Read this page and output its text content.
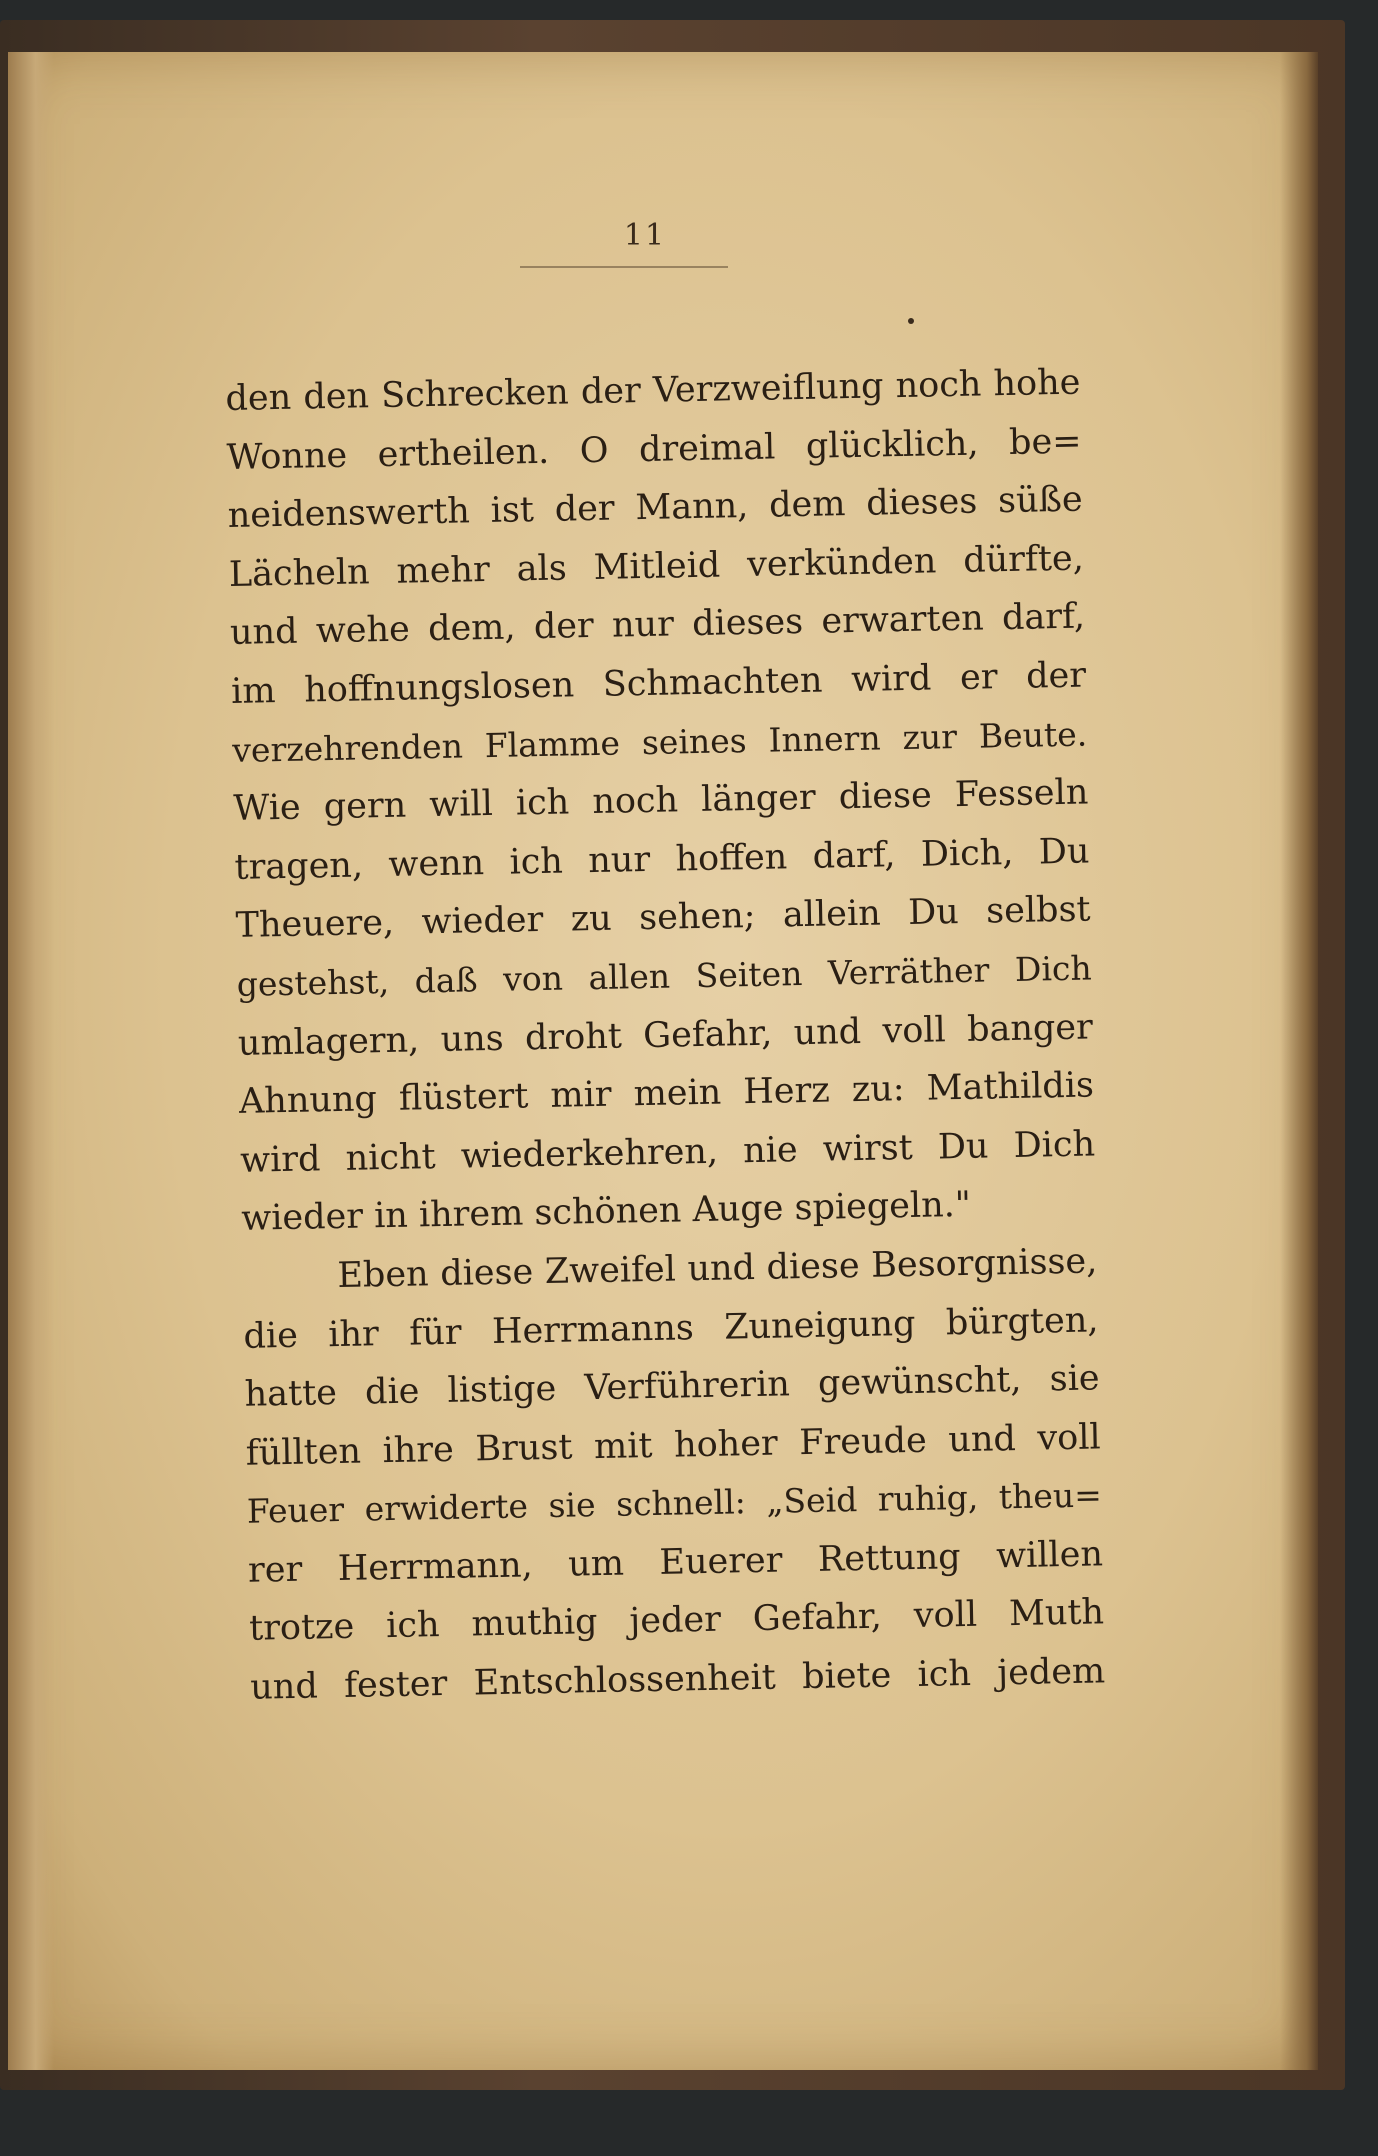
11
den den Schrecken der Verzweiflung noch hohe
Wonne ertheilen. O dreimal glücklich, be=
neidenswerth ist der Mann, dem dieses süße
Lächeln mehr als Mitleid verkünden dürfte,
und wehe dem, der nur dieses erwarten darf,
im hoffnungslosen Schmachten wird er der
verzehrenden Flamme seines Innern zur Beute.
Wie gern will ich noch länger diese Fesseln
tragen, wenn ich nur hoffen darf, Dich, Du
Theuere, wieder zu sehen; allein Du selbst
gestehst, daß von allen Seiten Verräther Dich
umlagern, uns droht Gefahr, und voll banger
Ahnung flüstert mir mein Herz zu: Mathildis
wird nicht wiederkehren, nie wirst Du Dich
wieder in ihrem schönen Auge spiegeln."
Eben diese Zweifel und diese Besorgnisse,
die ihr für Herrmanns Zuneigung bürgten,
hatte die listige Verführerin gewünscht, sie
füllten ihre Brust mit hoher Freude und voll
Feuer erwiderte sie schnell: „Seid ruhig, theu=
rer Herrmann, um Euerer Rettung willen
trotze ich muthig jeder Gefahr, voll Muth
und fester Entschlossenheit biete ich jedem
